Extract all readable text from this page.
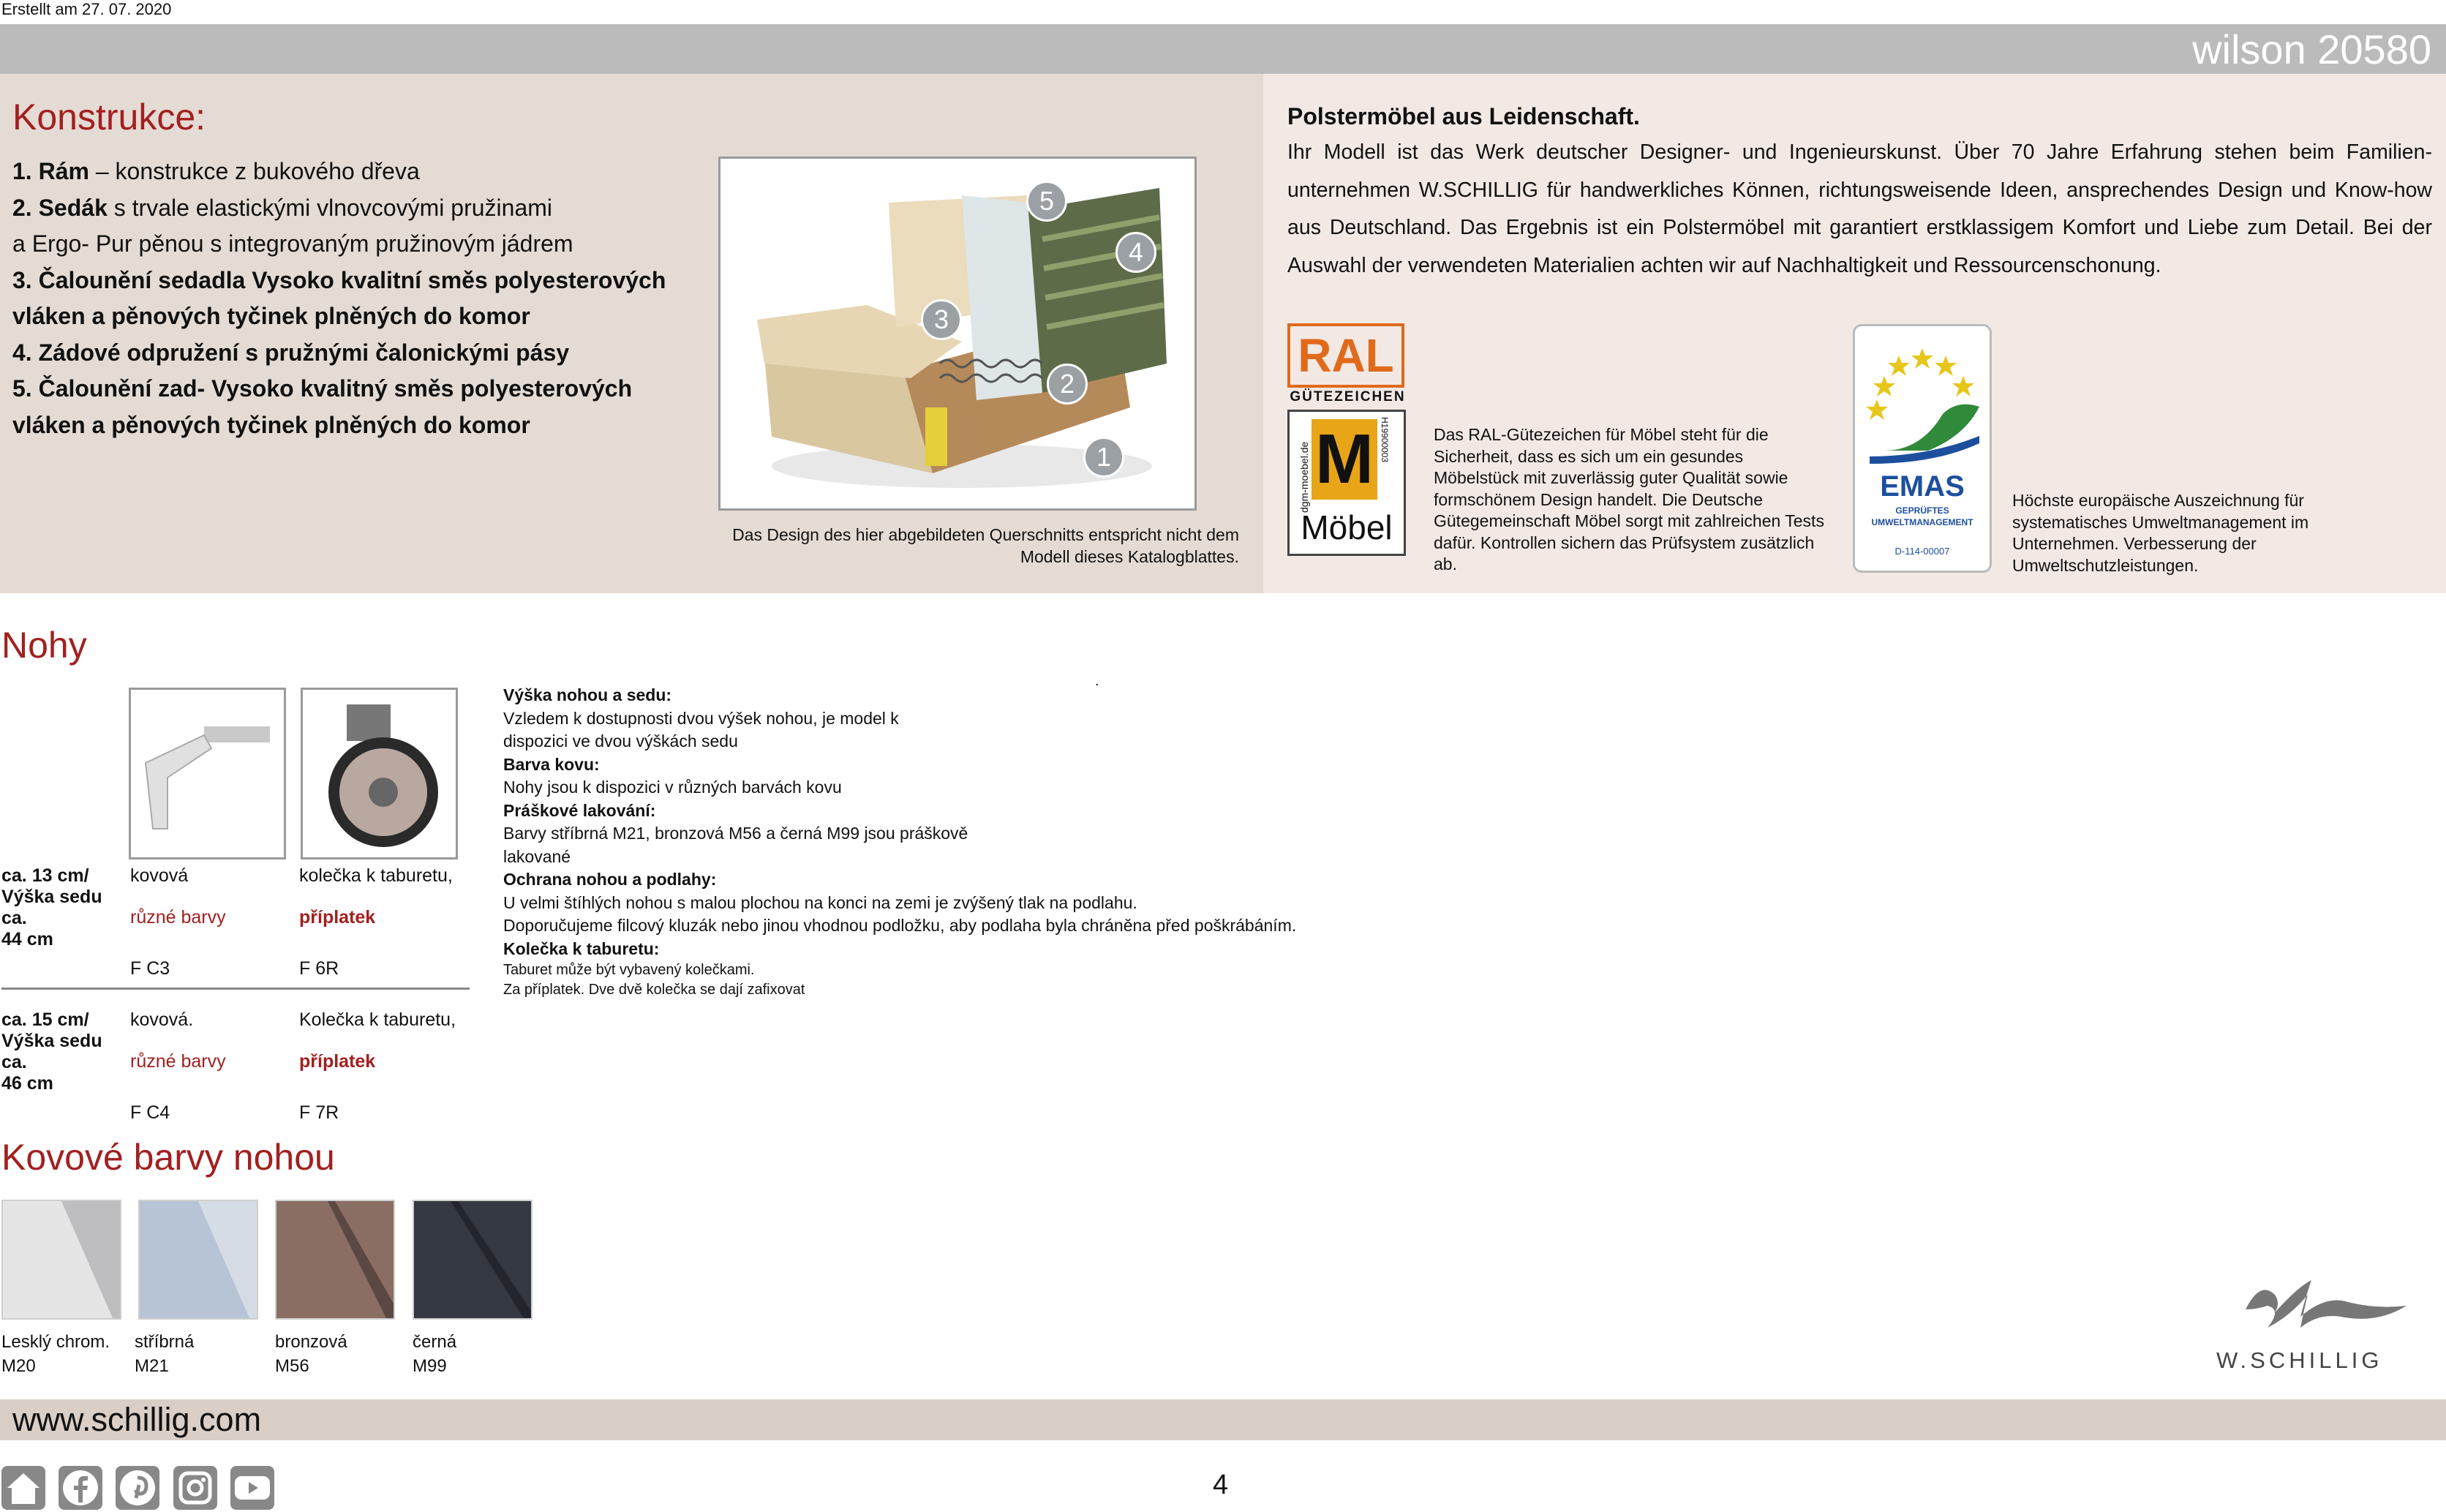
Erstellt am 27. 07. 2020
wilson 20580
Konstrukce:
1. Rám – konstrukce z bukového dřeva
2. Sedák s trvale elastickými vlnovcovými pružinami
a Ergo- Pur pěnou s integrovaným pružinovým jádrem
3. Čalounění sedadla Vysoko kvalitní směs polyesterových
vláken a pěnových tyčinek plněných do komor
4. Zádové odpružení s pružnými čalonickými pásy
5. Čalounění zad- Vysoko kvalitný směs polyesterových
vláken a pěnových tyčinek plněných do komor
5
4
3
2
1
Das Design des hier abgebildeten Querschnitts entspricht nicht dem
Modell dieses Katalogblattes.
Polstermöbel aus Leidenschaft.
Ihr Modell ist das Werk deutscher Designer- und Ingenieurskunst. Über 70 Jahre Erfahrung stehen beim Familien-unternehmen W.SCHILLIG für handwerkliches Können, richtungsweisende Ideen, ansprechendes Design und Know-how aus Deutschland. Das Ergebnis ist ein Polstermöbel mit garantiert erstklassigem Komfort und Liebe zum Detail. Bei der Auswahl der verwendeten Materialien achten wir auf Nachhaltigkeit und Ressourcenschonung.
RAL
GÜTEZEICHEN
dgm-moebel.de M H19900003
Möbel
Das RAL-Gütezeichen für Möbel steht für die Sicherheit, dass es sich um ein gesundes Möbelstück mit zuverlässig guter Qualität sowie formschönem Design handelt. Die Deutsche Gütegemeinschaft Möbel sorgt mit zahlreichen Tests dafür. Kontrollen sichern das Prüfsystem zusätzlich ab.
EMAS
GEPRÜFTES
UMWELTMANAGEMENT
D-114-00007
Höchste europäische Auszeichnung für systematisches Umweltmanagement im Unternehmen. Verbesserung der Umweltschutzleistungen.
Nohy
ca. 13 cm/
Výška sedu
ca.
44 cm
kovová
různé barvy
F C3
kolečka k taburetu,
příplatek
F 6R
ca. 15 cm/
Výška sedu
ca.
46 cm
kovová.
různé barvy
F C4
Kolečka k taburetu,
příplatek
F 7R
Výška nohou a sedu:
Vzledem k dostupnosti dvou výšek nohou, je model k
dispozici ve dvou výškách sedu
Barva kovu:
Nohy jsou k dispozici v různých barvách kovu
Práškové lakování:
Barvy stříbrná M21, bronzová M56 a černá M99 jsou práškově
lakované
Ochrana nohou a podlahy:
U velmi štíhlých nohou s malou plochou na konci na zemi je zvýšený tlak na podlahu.
Doporučujeme filcový kluzák nebo jinou vhodnou podložku, aby podlaha byla chráněna před poškrábáním.
Kolečka k taburetu:
Taburet může být vybavený kolečkami.
Za příplatek. Dve dvě kolečka se dají zafixovat
.
Kovové barvy nohou
Lesklý chrom.
M20
stříbrná
M21
bronzová
M56
černá
M99	W.SCHILLIG
www.schillig.com
4
